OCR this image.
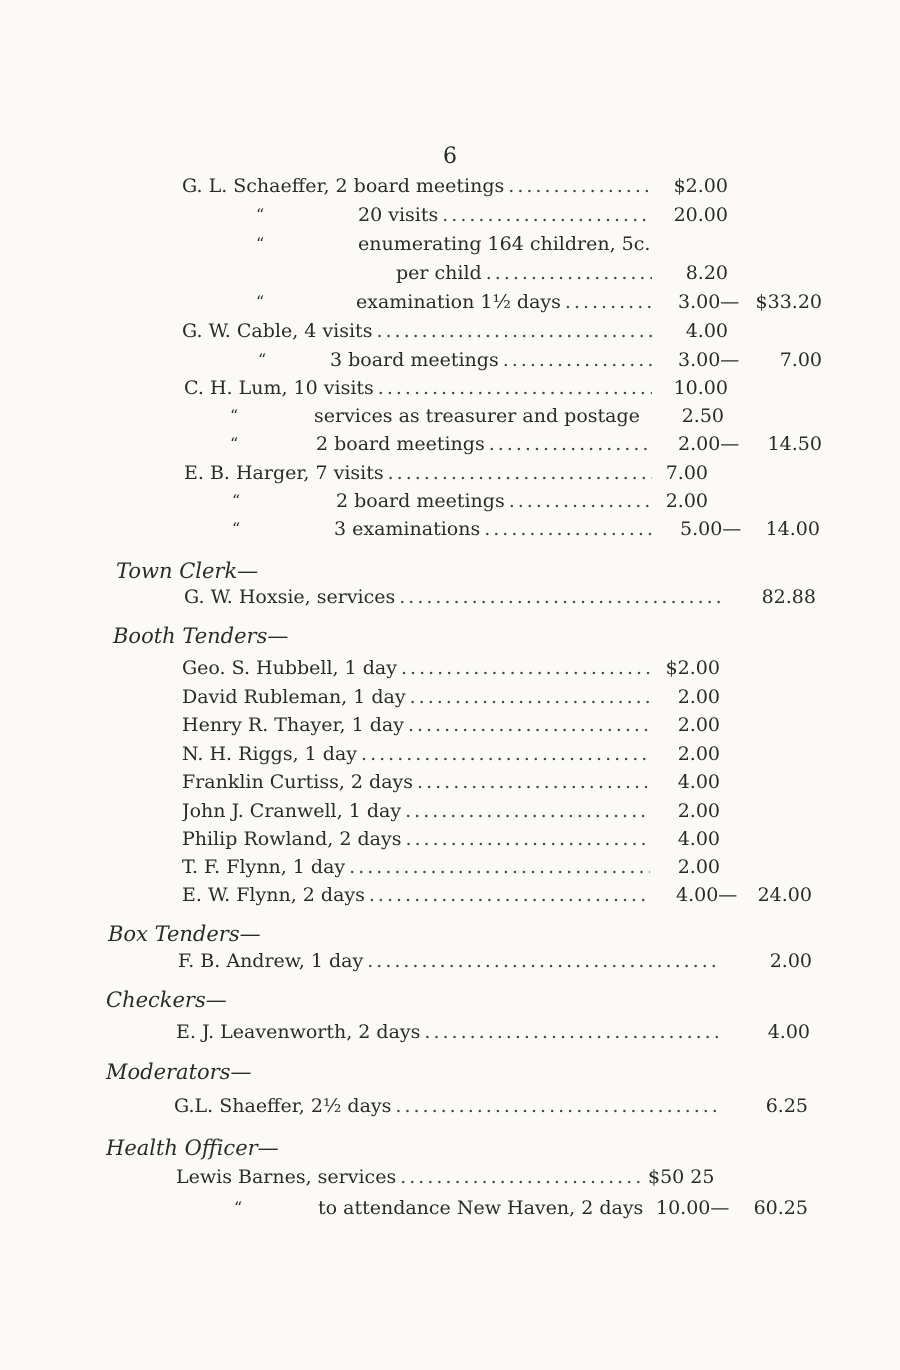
6
G. L. Schaeffer, 2 board meetings .....	$2.00
“	20 visits .....	20.00
“	enumerating 164 children, 5c.
per child .....	8.20
“	examination 1½ days .....	3.00— $33.20
G. W. Cable, 4 visits .....	4.00
“	3 board meetings .....	3.00—	7.00
C. H. Lum, 10 visits .....	10.00
“	services as treasurer and postage	2.50
“	2 board meetings .....	2.00—	14.50
E. B. Harger, 7 visits .....	7.00
“	2 board meetings .....	2.00
“	3 examinations .....	5.00—	14.00
Town Clerk—
G. W. Hoxsie, services .....	82.88
Booth Tenders—
Geo. S. Hubbell, 1 day .....	$2.00
David Rubleman, 1 day .....	2.00
Henry R. Thayer, 1 day .....	2.00
N. H. Riggs, 1 day .....	2.00
Franklin Curtiss, 2 days .....	4.00
John J. Cranwell, 1 day .....	2.00
Philip Rowland, 2 days .....	4.00
T. F. Flynn, 1 day .....	2.00
E. W. Flynn, 2 days .....	4.00—	24.00
Box Tenders—
F. B. Andrew, 1 day .....	2.00
Checkers—
E. J. Leavenworth, 2 days .....	4.00
Moderators—
G.L. Shaeffer, 2½ days .....	6.25
Health Officer—
Lewis Barnes, services .....	$50 25
“	to attendance New Haven, 2 days 10.00—	60.25
